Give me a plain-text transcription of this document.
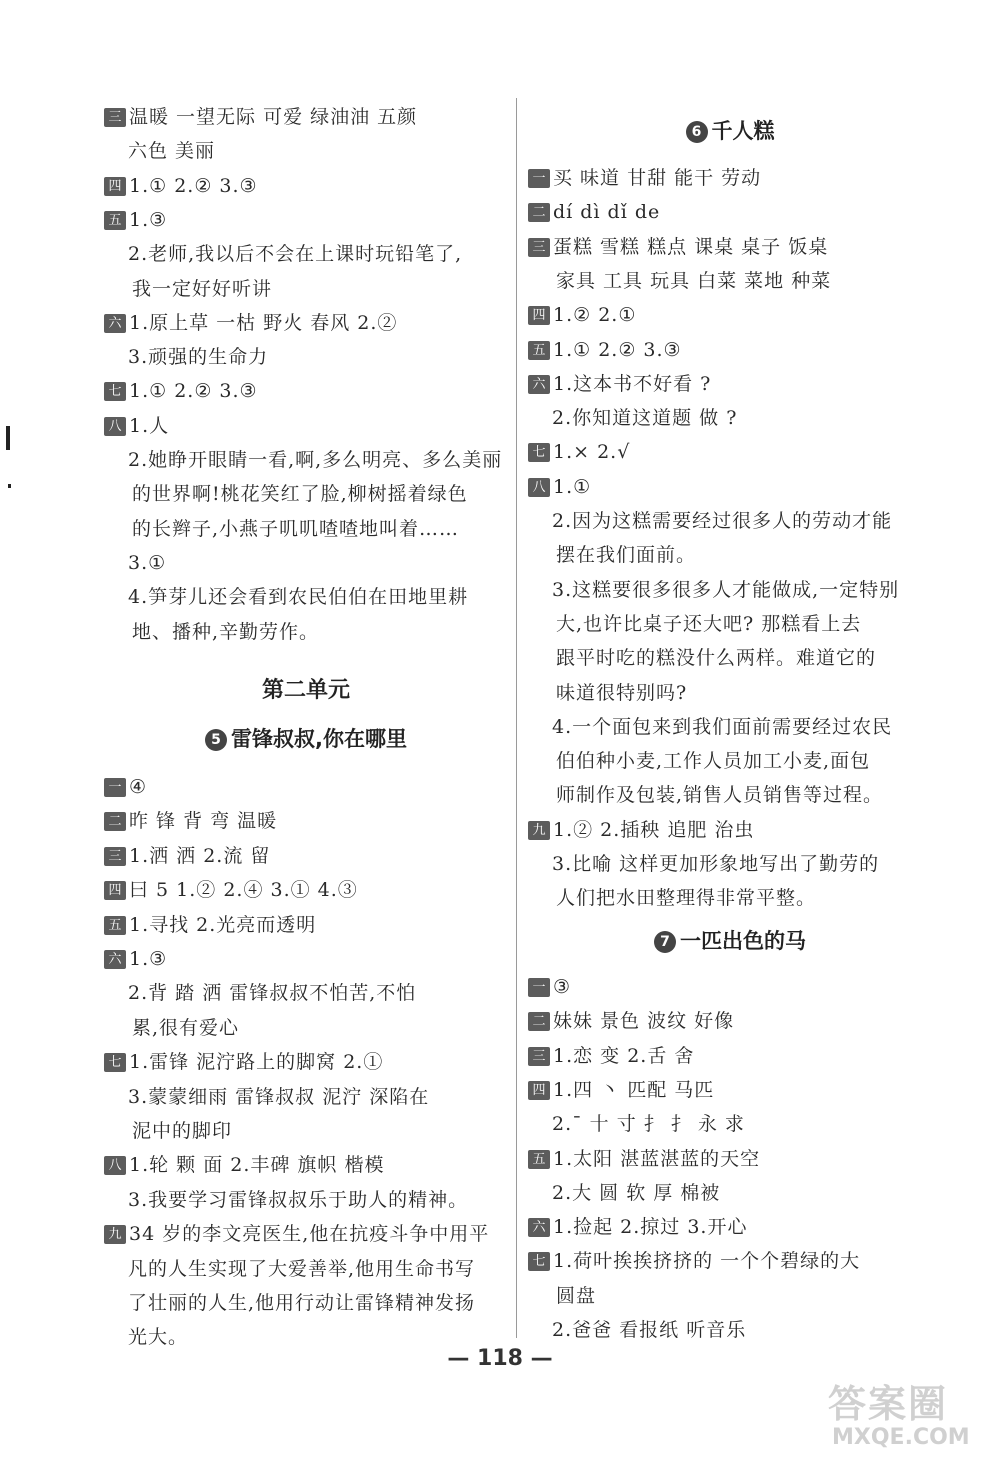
三 温暖 一望无际 可爱 绿油油 五颜
六色 美丽
四 1.① 2.② 3.③
五 1.③
2.老师,我以后不会在上课时玩铅笔了,
我一定好好听讲
六 1.原上草 一枯 野火 春风 2.②
3.顽强的生命力
七 1.① 2.② 3.③
八 1.人
2.她睁开眼睛一看,啊,多么明亮、多么美丽
的世界啊!桃花笑红了脸,柳树摇着绿色
的长辫子,小燕子叽叽喳喳地叫着……
3.①
4.笋芽儿还会看到农民伯伯在田地里耕
地、播种,辛勤劳作。
第二单元
5 雷锋叔叔,你在哪里
一 ④
二 昨 锋 背 弯 温暖
三 1.洒 洒 2.流 留
四 曰 5 1.② 2.④ 3.① 4.③
五 1.寻找 2.光亮而透明
六 1.③
2.背 踏 洒 雷锋叔叔不怕苦,不怕
累,很有爱心
七 1.雷锋 泥泞路上的脚窝 2.①
3.蒙蒙细雨 雷锋叔叔 泥泞 深陷在
泥中的脚印
八 1.轮 颗 面 2.丰碑 旗帜 楷模
3.我要学习雷锋叔叔乐于助人的精神。
九 34 岁的李文亮医生,他在抗疫斗争中用平
凡的人生实现了大爱善举,他用生命书写
了壮丽的人生,他用行动让雷锋精神发扬
光大。
6 千人糕
一 买 味道 甘甜 能干 劳动
二 dí dì dǐ de
三 蛋糕 雪糕 糕点 课桌 桌子 饭桌
家具 工具 玩具 白菜 菜地 种菜
四 1.② 2.①
五 1.① 2.② 3.③
六 1.这本书不好看 ?
2.你知道这道题 做 ?
七 1.× 2.√
八 1.①
2.因为这糕需要经过很多人的劳动才能
摆在我们面前。
3.这糕要很多很多人才能做成,一定特别
大,也许比桌子还大吧? 那糕看上去
跟平时吃的糕没什么两样。难道它的
味道很特别吗?
4.一个面包来到我们面前需要经过农民
伯伯种小麦,工作人员加工小麦,面包
师制作及包装,销售人员销售等过程。
九 1.② 2.插秧 追肥 治虫
3.比喻 这样更加形象地写出了勤劳的
人们把水田整理得非常平整。
7 一匹出色的马
一 ③
二 妹妹 景色 波纹 好像
三 1.恋 变 2.舌 舍
四 1.四 丶 匹配 马匹
2.ˉ 十 寸 扌 扌 永 求
五 1.太阳 湛蓝湛蓝的天空
2.大 圆 软 厚 棉被
六 1.捡起 2.掠过 3.开心
七 1.荷叶挨挨挤挤的 一个个碧绿的大
圆盘
2.爸爸 看报纸 听音乐
— 118 —
答案圈
MXQE.COM
